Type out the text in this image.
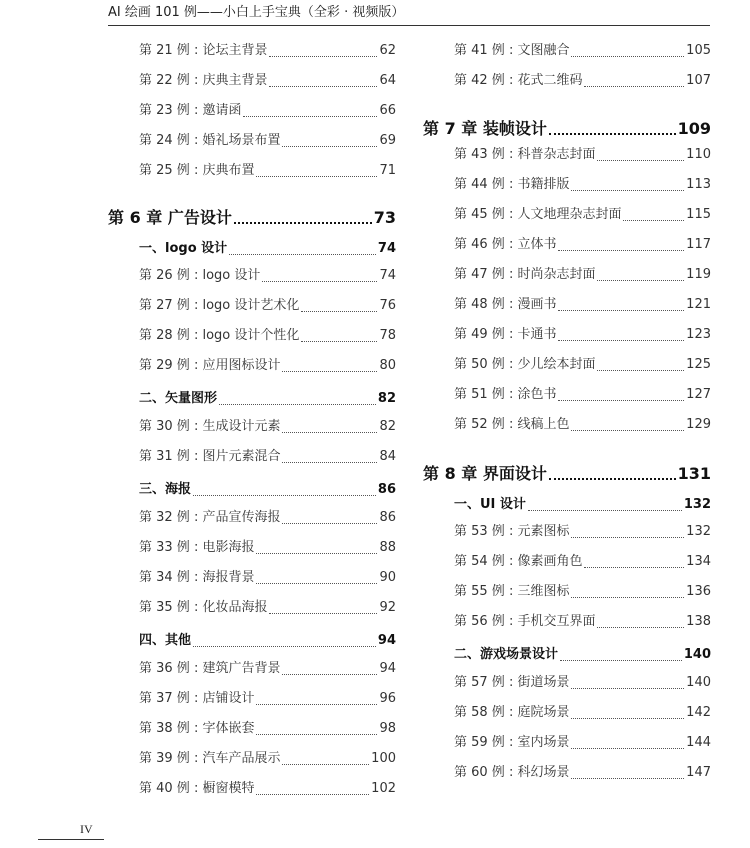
AI 绘画 101 例——小白上手宝典（全彩 · 视频版）
第 21 例 : 论坛主背景	62
第 22 例 : 庆典主背景	64
第 23 例 : 邀请函	66
第 24 例 : 婚礼场景布置	69
第 25 例 : 庆典布置	71
第 6 章 广告设计	73
一、logo 设计	74
第 26 例 : logo 设计	74
第 27 例 : logo 设计艺术化	76
第 28 例 : logo 设计个性化	78
第 29 例 : 应用图标设计	80
二、矢量图形	82
第 30 例 : 生成设计元素	82
第 31 例 : 图片元素混合	84
三、海报	86
第 32 例 : 产品宣传海报	86
第 33 例 : 电影海报	88
第 34 例 : 海报背景	90
第 35 例 : 化妆品海报	92
四、其他	94
第 36 例 : 建筑广告背景	94
第 37 例 : 店铺设计	96
第 38 例 : 字体嵌套	98
第 39 例 : 汽车产品展示	100
第 40 例 : 橱窗模特	102
第 41 例 : 文图融合	105
第 42 例 : 花式二维码	107
第 7 章 装帧设计	109
第 43 例 : 科普杂志封面	110
第 44 例 : 书籍排版	113
第 45 例 : 人文地理杂志封面	115
第 46 例 : 立体书	117
第 47 例 : 时尚杂志封面	119
第 48 例 : 漫画书	121
第 49 例 : 卡通书	123
第 50 例 : 少儿绘本封面	125
第 51 例 : 涂色书	127
第 52 例 : 线稿上色	129
第 8 章 界面设计	131
一、UI 设计	132
第 53 例 : 元素图标	132
第 54 例 : 像素画角色	134
第 55 例 : 三维图标	136
第 56 例 : 手机交互界面	138
二、游戏场景设计	140
第 57 例 : 街道场景	140
第 58 例 : 庭院场景	142
第 59 例 : 室内场景	144
第 60 例 : 科幻场景	147
IV
